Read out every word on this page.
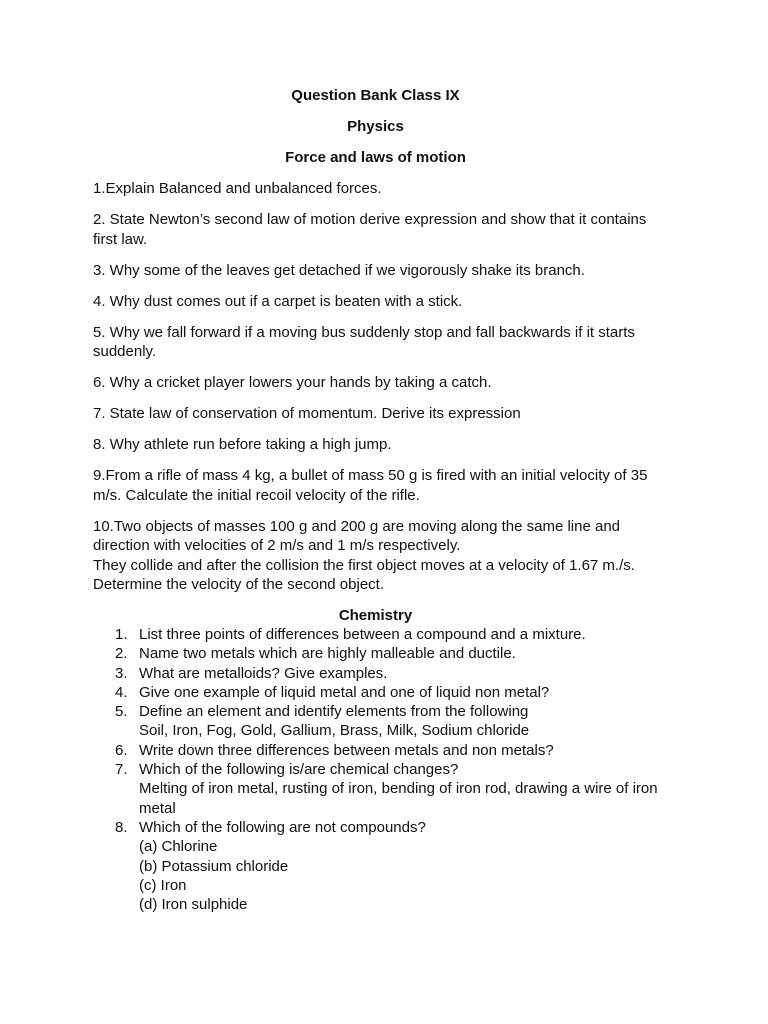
Question Bank Class IX
Physics
Force and laws of motion
1.Explain Balanced and unbalanced forces.
2. State Newton’s second law of motion derive expression and show that it contains
first law.
3. Why some of the leaves get detached if we vigorously shake its branch.
4. Why dust comes out if a carpet is beaten with a stick.
5. Why we fall forward if a moving bus suddenly stop and fall backwards if it starts
suddenly.
6. Why a cricket player lowers your hands by taking a catch.
7. State law of conservation of momentum. Derive its expression
8. Why athlete run before taking a high jump.
9.From a rifle of mass 4 kg, a bullet of mass 50 g is fired with an initial velocity of 35
m/s. Calculate the initial recoil velocity of the rifle.
10.Two objects of masses 100 g and 200 g are moving along the same line and
direction with velocities of 2 m/s and 1 m/s respectively.
They collide and after the collision the first object moves at a velocity of 1.67 m./s.
Determine the velocity of the second object.
Chemistry
1. List three points of differences between a compound and a mixture.
2. Name two metals which are highly malleable and ductile.
3. What are metalloids? Give examples.
4. Give one example of liquid metal and one of liquid non metal?
5. Define an element and identify elements from the following
Soil, Iron, Fog, Gold, Gallium, Brass, Milk, Sodium chloride
6. Write down three differences between metals and non metals?
7. Which of the following is/are chemical changes?
Melting of iron metal, rusting of iron, bending of iron rod, drawing a wire of iron
metal
8. Which of the following are not compounds?
(a) Chlorine
(b) Potassium chloride
(c) Iron
(d) Iron sulphide
